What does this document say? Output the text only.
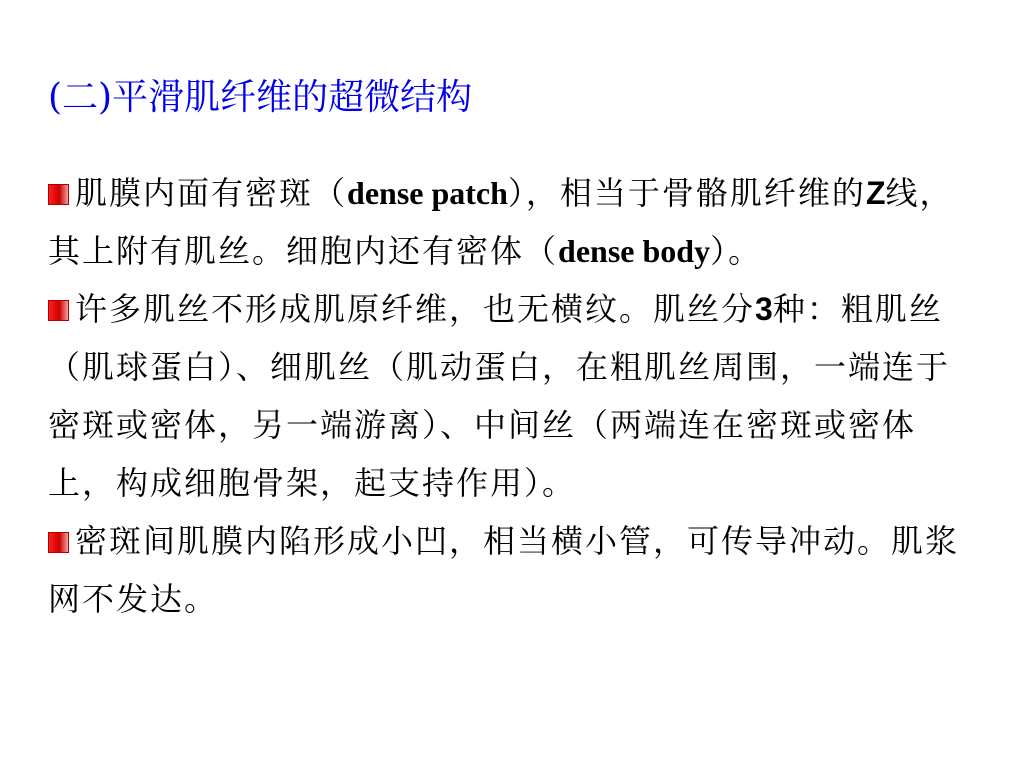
(二)平滑肌纤维的超微结构

肌膜内面有密斑（dense patch），相当于骨骼肌纤维的Z线，其上附有肌丝。细胞内还有密体（dense body）。

许多肌丝不形成肌原纤维，也无横纹。肌丝分3种：粗肌丝（肌球蛋白）、细肌丝（肌动蛋白，在粗肌丝周围，一端连于密斑或密体，另一端游离）、中间丝（两端连在密斑或密体上，构成细胞骨架，起支持作用）。

密斑间肌膜内陷形成小凹，相当横小管，可传导冲动。肌浆网不发达。
